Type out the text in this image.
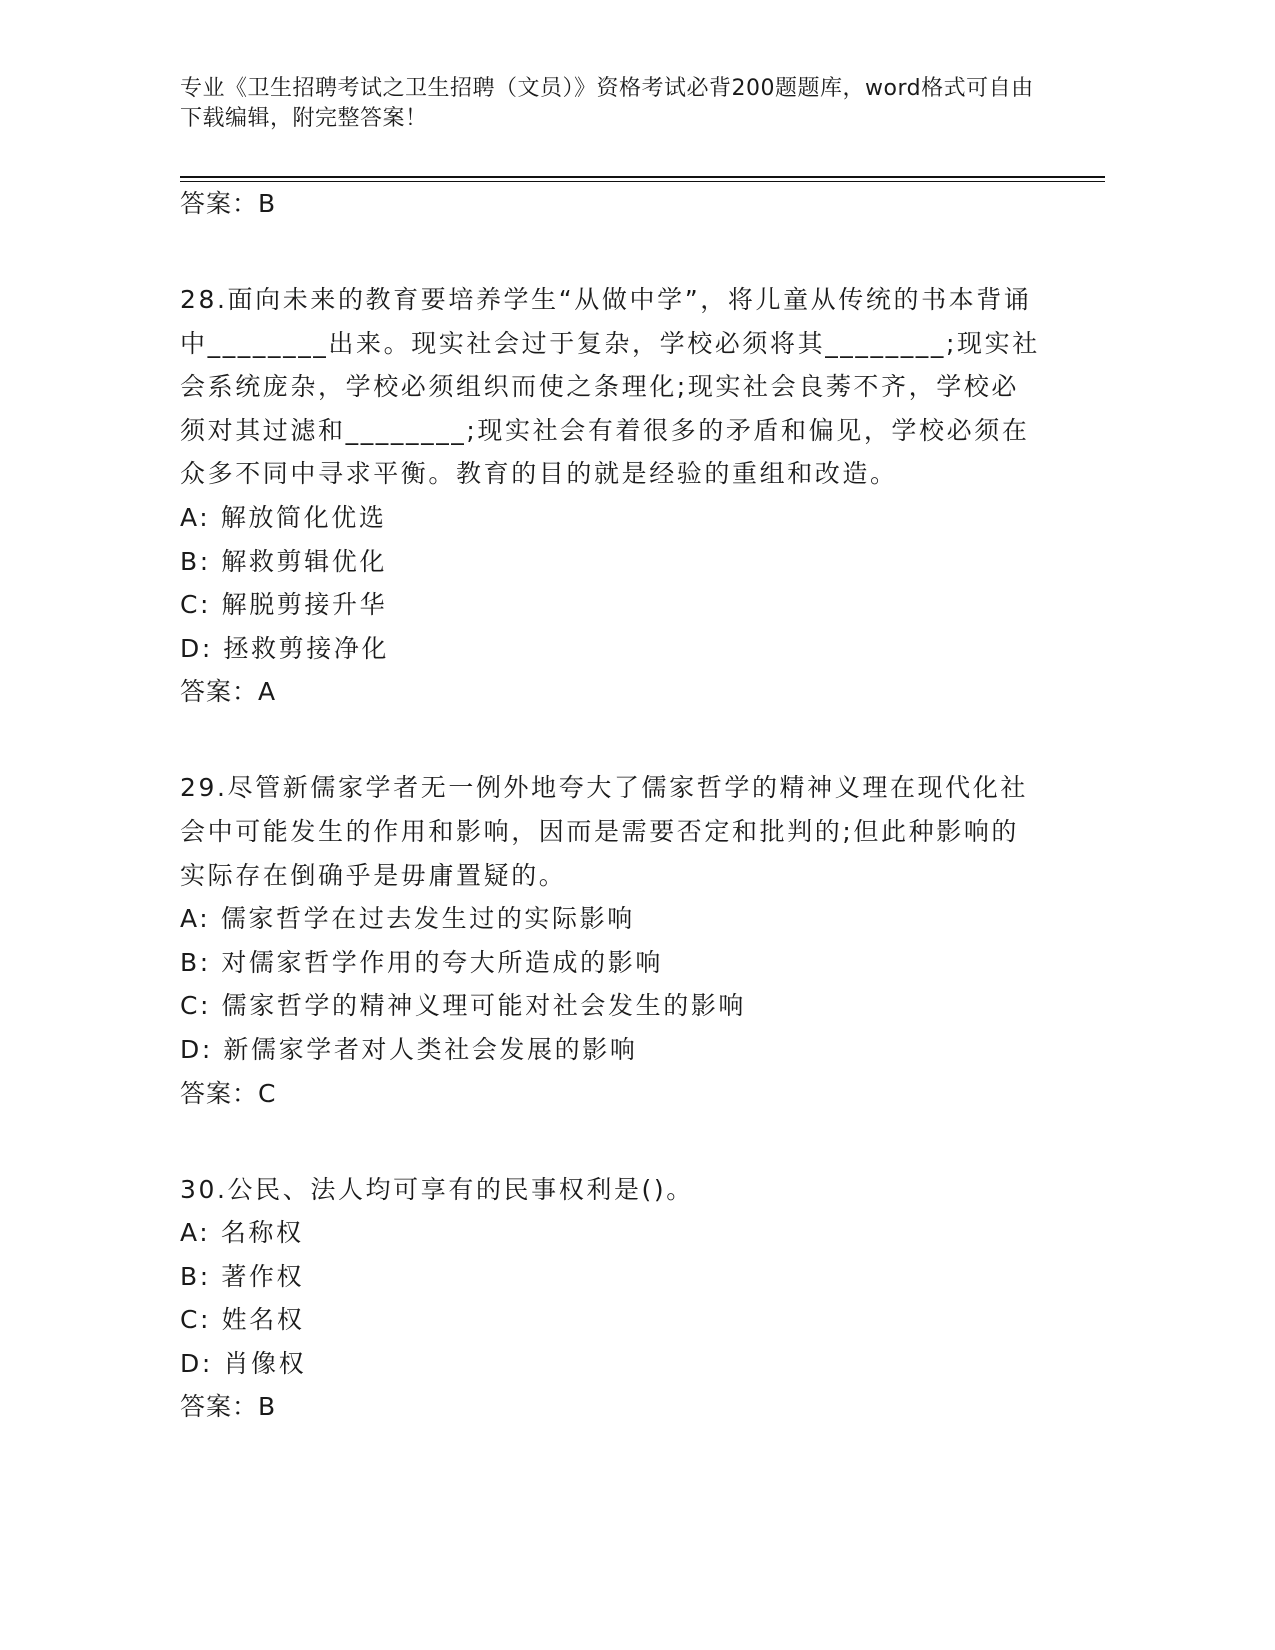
专业《卫生招聘考试之卫生招聘（文员）》资格考试必背200题题库，word格式可自由下载编辑，附完整答案！
答案：B
28.面向未来的教育要培养学生“从做中学”，将儿童从传统的书本背诵中________出来。现实社会过于复杂，学校必须将其________;现实社会系统庞杂，学校必须组织而使之条理化;现实社会良莠不齐，学校必须对其过滤和________;现实社会有着很多的矛盾和偏见，学校必须在众多不同中寻求平衡。教育的目的就是经验的重组和改造。
A: 解放简化优选
B: 解救剪辑优化
C: 解脱剪接升华
D: 拯救剪接净化
答案：A
29.尽管新儒家学者无一例外地夸大了儒家哲学的精神义理在现代化社会中可能发生的作用和影响，因而是需要否定和批判的;但此种影响的实际存在倒确乎是毋庸置疑的。
A: 儒家哲学在过去发生过的实际影响
B: 对儒家哲学作用的夸大所造成的影响
C: 儒家哲学的精神义理可能对社会发生的影响
D: 新儒家学者对人类社会发展的影响
答案：C
30.公民、法人均可享有的民事权利是()。
A: 名称权
B: 著作权
C: 姓名权
D: 肖像权
答案：B
